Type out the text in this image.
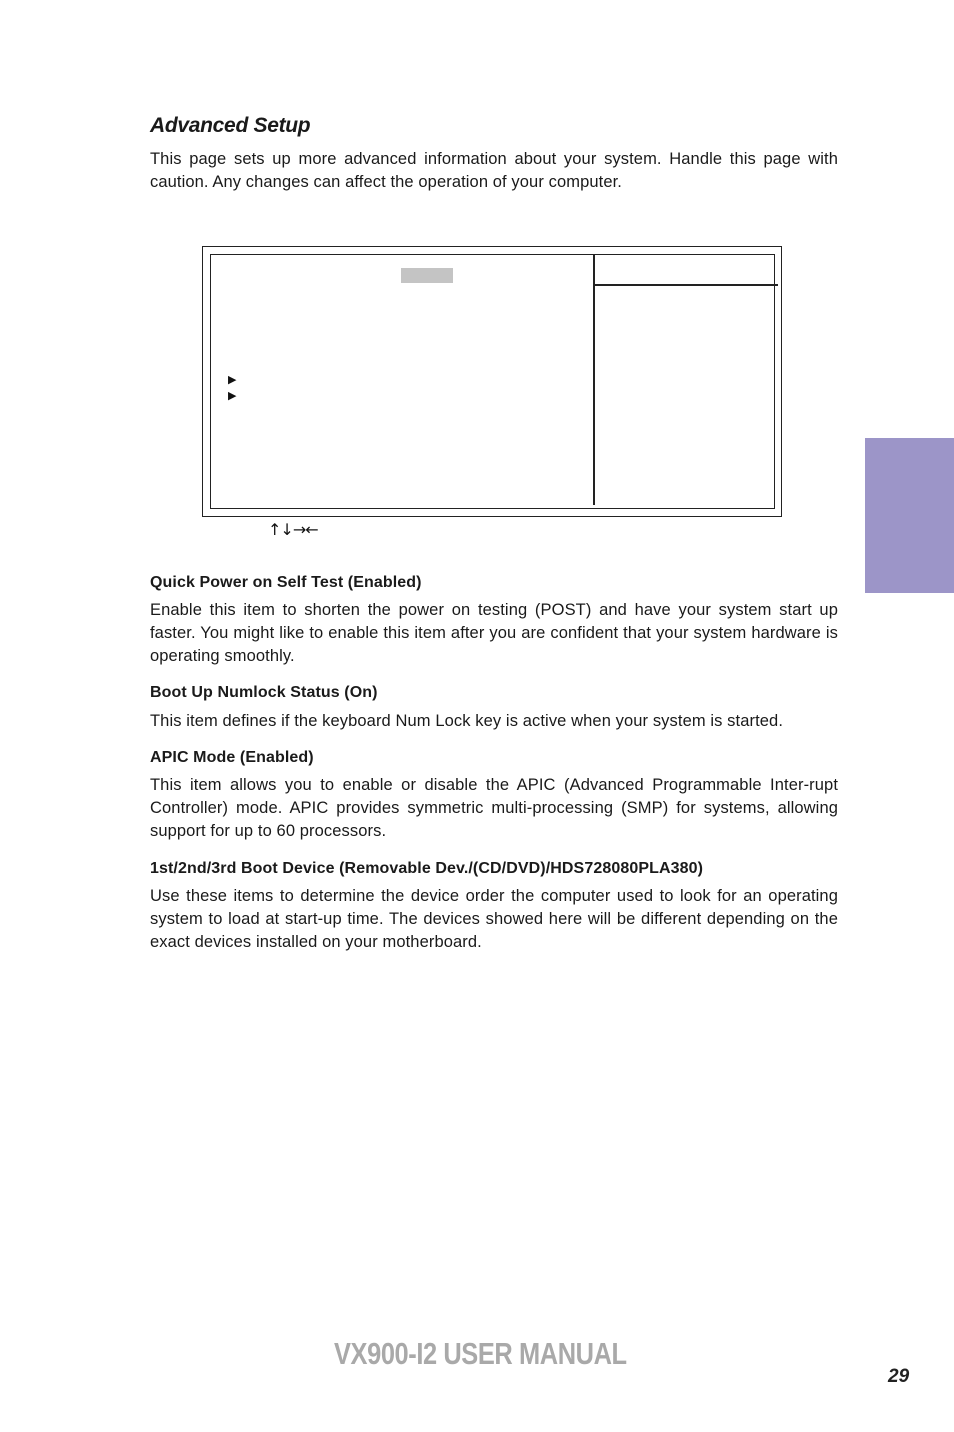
Advanced Setup

This page sets up more advanced information about your system. Handle this page with caution. Any changes can affect the operation of your computer.

▶
▶
↑↓→←
Quick Power on Self Test (Enabled)

Enable this item to shorten the power on testing (POST) and have your system start up faster. You might like to enable this item after you are confident that your system hardware is operating smoothly.

Boot Up Numlock Status (On)

This item defines if the keyboard Num Lock key is active when your system is started.

APIC Mode (Enabled)

This item allows you to enable or disable the APIC (Advanced Programmable Inter-rupt Controller) mode. APIC provides symmetric multi-processing (SMP) for systems, allowing support for up to 60 processors.

1st/2nd/3rd Boot Device (Removable Dev./(CD/DVD)/HDS728080PLA380)

Use these items to determine the device order the computer used to look for an operating system to load at start-up time. The devices showed here will be different depending on the exact devices installed on your motherboard.

VX900-I2 USER MANUAL

29
